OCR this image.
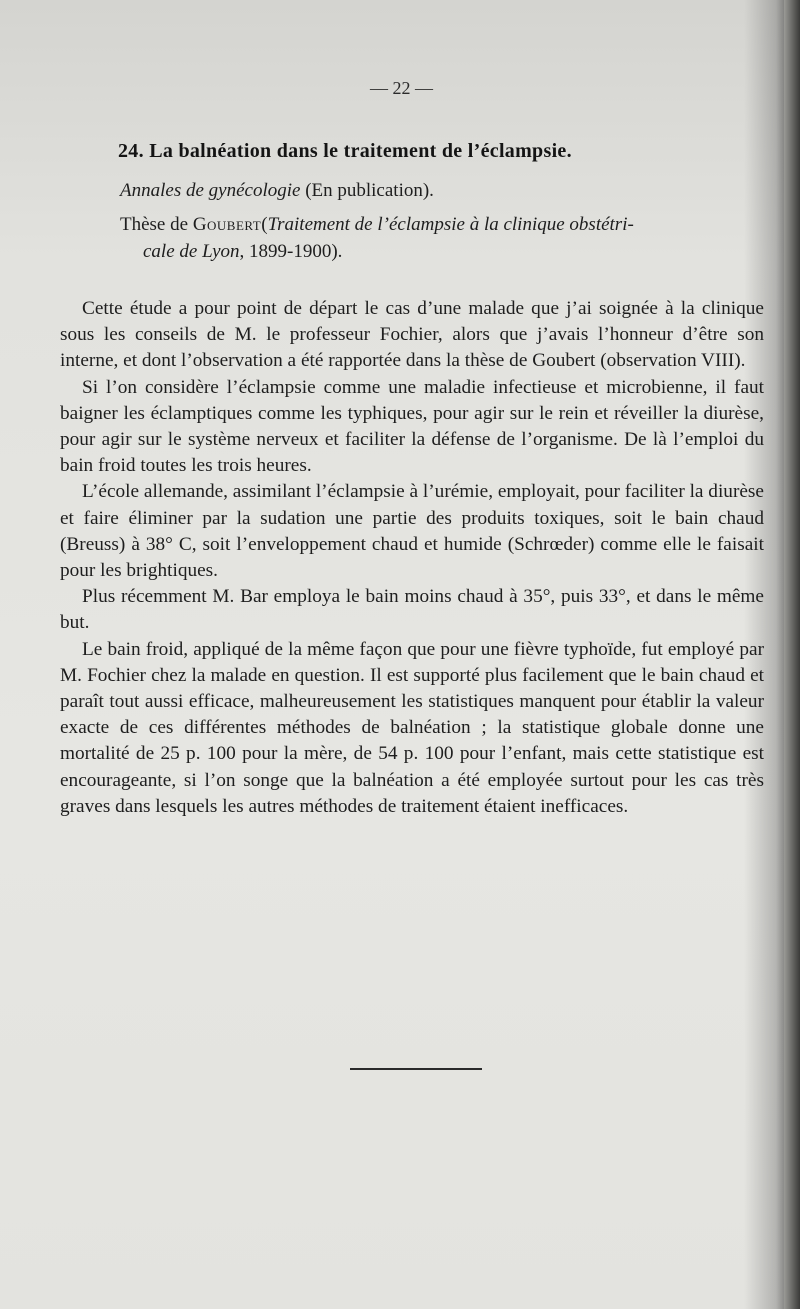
— 22 —
24. La balnéation dans le traitement de l’éclampsie.
Annales de gynécologie (En publication).
Thèse de Goubert(Traitement de l’éclampsie à la clinique obstétri-
cale de Lyon, 1899-1900).

Cette étude a pour point de départ le cas d’une malade que j’ai soignée à la clinique sous les conseils de M. le professeur Fochier, alors que j’avais l’honneur d’être son interne, et dont l’observation a été rapportée dans la thèse de Goubert (observation VIII).

Si l’on considère l’éclampsie comme une maladie infectieuse et microbienne, il faut baigner les éclamptiques comme les typhiques, pour agir sur le rein et réveiller la diurèse, pour agir sur le système nerveux et faciliter la défense de l’organisme. De là l’emploi du bain froid toutes les trois heures.

L’école allemande, assimilant l’éclampsie à l’urémie, employait, pour faciliter la diurèse et faire éliminer par la sudation une partie des produits toxiques, soit le bain chaud (Breuss) à 38° C, soit l’enveloppement chaud et humide (Schrœder) comme elle le faisait pour les brightiques.

Plus récemment M. Bar employa le bain moins chaud à 35°, puis 33°, et dans le même but.

Le bain froid, appliqué de la même façon que pour une fièvre typhoïde, fut employé par M. Fochier chez la malade en question. Il est supporté plus facilement que le bain chaud et paraît tout aussi efficace, malheureusement les statistiques manquent pour établir la valeur exacte de ces différentes méthodes de balnéation ; la statistique globale donne une mortalité de 25 p. 100 pour la mère, de 54 p. 100 pour l’enfant, mais cette statistique est encourageante, si l’on songe que la balnéation a été employée surtout pour les cas très graves dans lesquels les autres méthodes de traitement étaient inefficaces.
